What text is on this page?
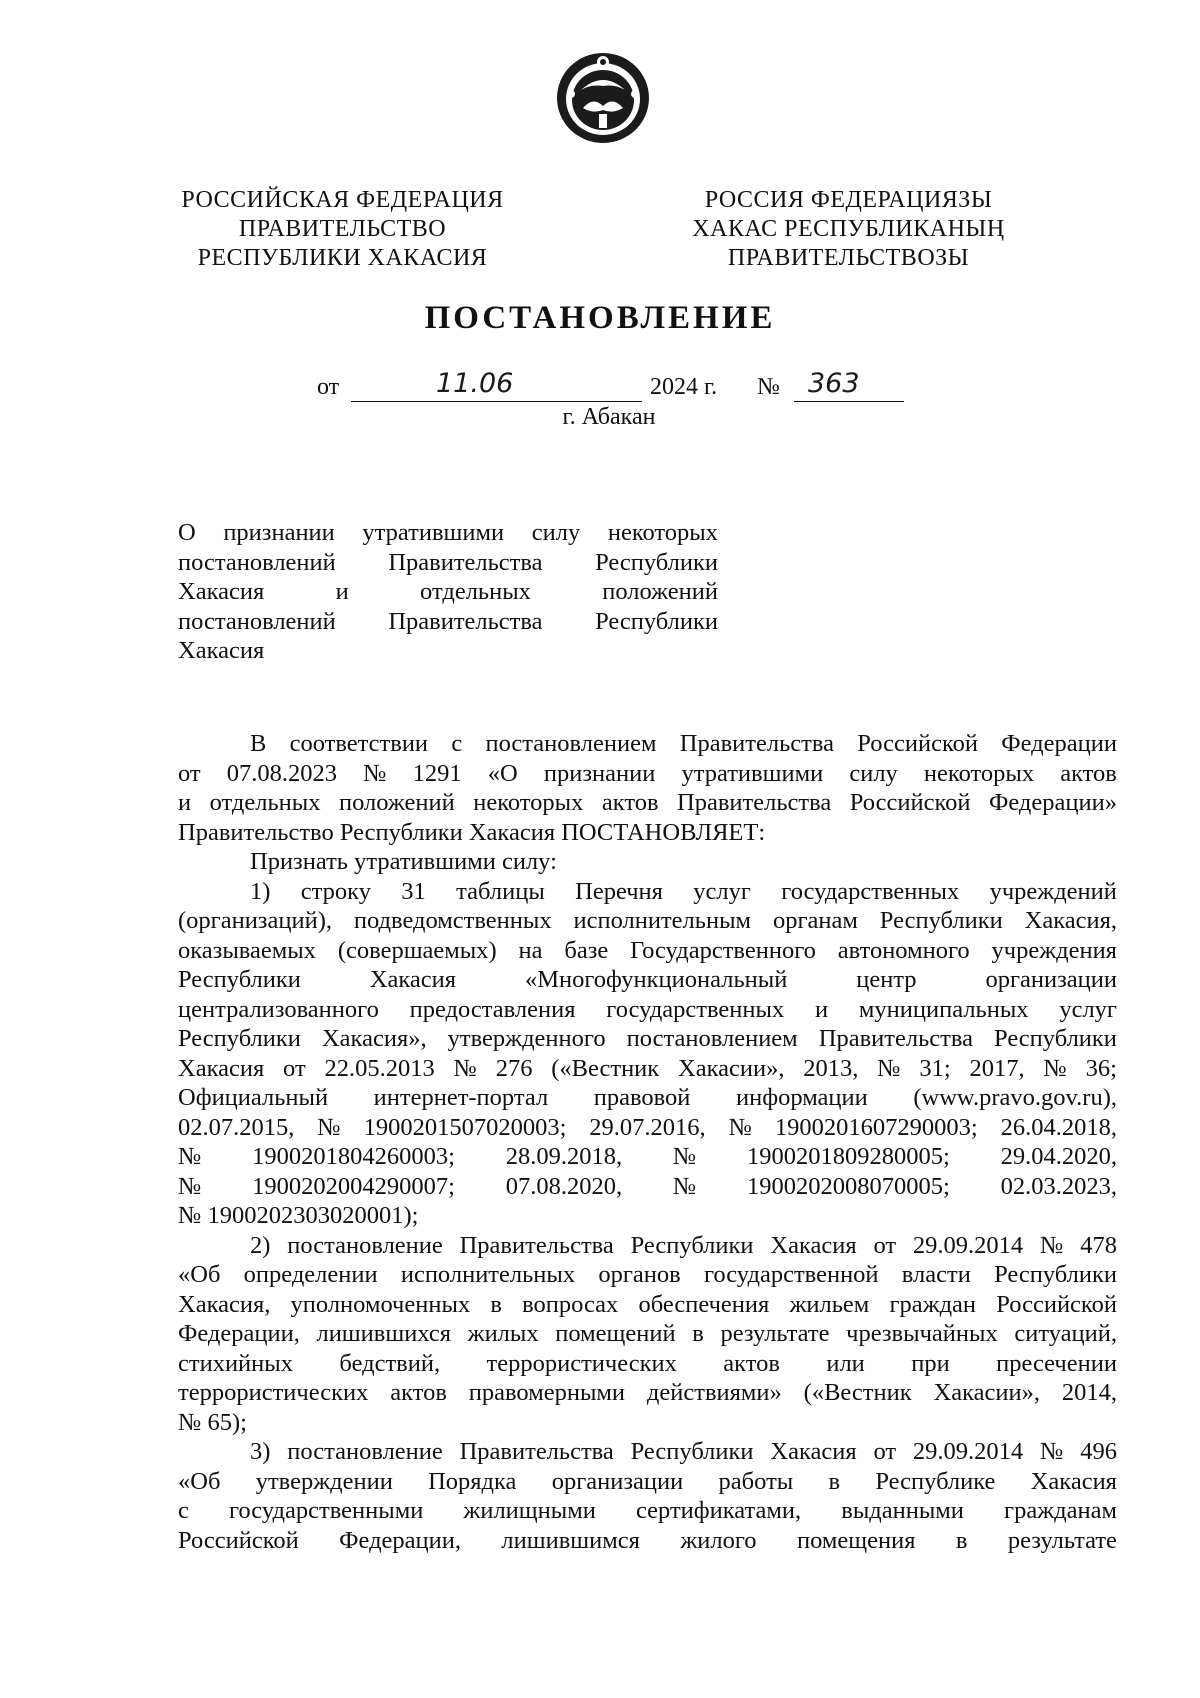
РОССИЙСКАЯ ФЕДЕРАЦИЯ
ПРАВИТЕЛЬСТВО
РЕСПУБЛИКИ ХАКАСИЯ
РОССИЯ ФЕДЕРАЦИЯЗЫ
ХАКАС РЕСПУБЛИКАНЫҢ
ПРАВИТЕЛЬСТВОЗЫ
ПОСТАНОВЛЕНИЕ
от	11.06	2024 г. № 363
г. Абакан
О признании утратившими силу некоторых
постановлений Правительства Республики
Хакасия	и	отдельных	положений
постановлений Правительства Республики
Хакасия
В соответствии с постановлением Правительства Российской Федерации
от 07.08.2023 № 1291 «О признании утратившими силу некоторых актов
и отдельных положений некоторых актов Правительства Российской Федерации»
Правительство Республики Хакасия ПОСТАНОВЛЯЕТ:
Признать утратившими силу:
1) строку 31 таблицы Перечня услуг государственных учреждений
(организаций), подведомственных исполнительным органам Республики Хакасия,
оказываемых (совершаемых) на базе Государственного автономного учреждения
Республики	Хакасия	«Многофункциональный	центр	организации
централизованного предоставления государственных и муниципальных услуг
Республики Хакасия», утвержденного постановлением Правительства Республики
Хакасия от 22.05.2013 № 276 («Вестник Хакасии», 2013, № 31; 2017, № 36;
Официальный интернет-портал правовой информации (www.pravo.gov.ru),
02.07.2015, № 1900201507020003; 29.07.2016, № 1900201607290003; 26.04.2018,
№ 1900201804260003; 28.09.2018, № 1900201809280005; 29.04.2020,
№ 1900202004290007; 07.08.2020, № 1900202008070005; 02.03.2023,
№ 1900202303020001);
2) постановление Правительства Республики Хакасия от 29.09.2014 № 478
«Об определении исполнительных органов государственной власти Республики
Хакасия, уполномоченных в вопросах обеспечения жильем граждан Российской
Федерации, лишившихся жилых помещений в результате чрезвычайных ситуаций,
стихийных бедствий, террористических актов или при пресечении
террористических актов правомерными действиями» («Вестник Хакасии», 2014,
№ 65);
3) постановление Правительства Республики Хакасия от 29.09.2014 № 496
«Об утверждении Порядка организации работы в Республике Хакасия
с государственными жилищными сертификатами, выданными гражданам
Российской Федерации, лишившимся жилого помещения в результате
